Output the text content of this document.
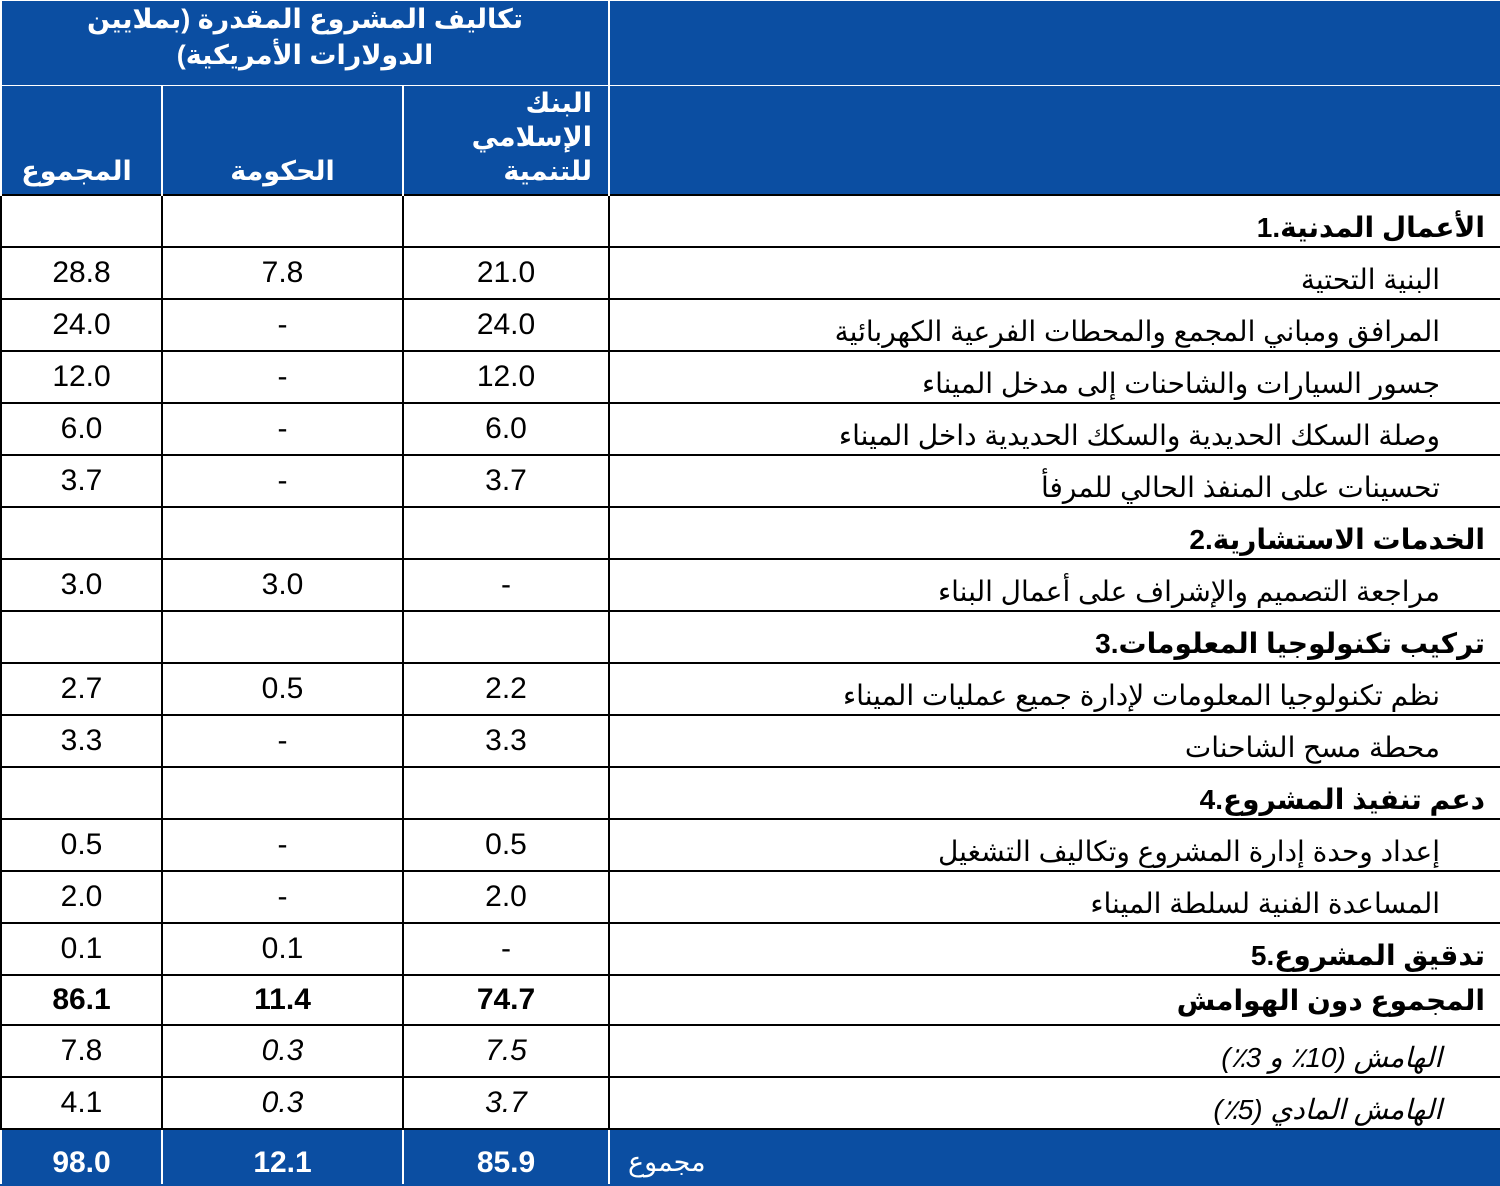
	تكاليف المشروع المقدرة (بملايين الدولارات الأمريكية)		
	البنك الإسلامي للتنمية	الحكومة	المجموع
الأعمال المدنية.1			
البنية التحتية	21.0	7.8	28.8
المرافق ومباني المجمع والمحطات الفرعية الكهربائية	24.0	-	24.0
جسور السيارات والشاحنات إلى مدخل الميناء	12.0	-	12.0
وصلة السكك الحديدية والسكك الحديدية داخل الميناء	6.0	-	6.0
تحسينات على المنفذ الحالي للمرفأ	3.7	-	3.7
الخدمات الاستشارية.2			
مراجعة التصميم والإشراف على أعمال البناء	-	3.0	3.0
تركيب تكنولوجيا المعلومات.3			
نظم تكنولوجيا المعلومات لإدارة جميع عمليات الميناء	2.2	0.5	2.7
محطة مسح الشاحنات	3.3	-	3.3
دعم تنفيذ المشروع.4			
إعداد وحدة إدارة المشروع وتكاليف التشغيل	0.5	-	0.5
المساعدة الفنية لسلطة الميناء	2.0	-	2.0
تدقيق المشروع.5	-	0.1	0.1
المجموع دون الهوامش	74.7	11.4	86.1
الهامش (10٪ و 3٪)	7.5	0.3	7.8
الهامش المادي (5٪)	3.7	0.3	4.1
مجموع	85.9	12.1	98.0
